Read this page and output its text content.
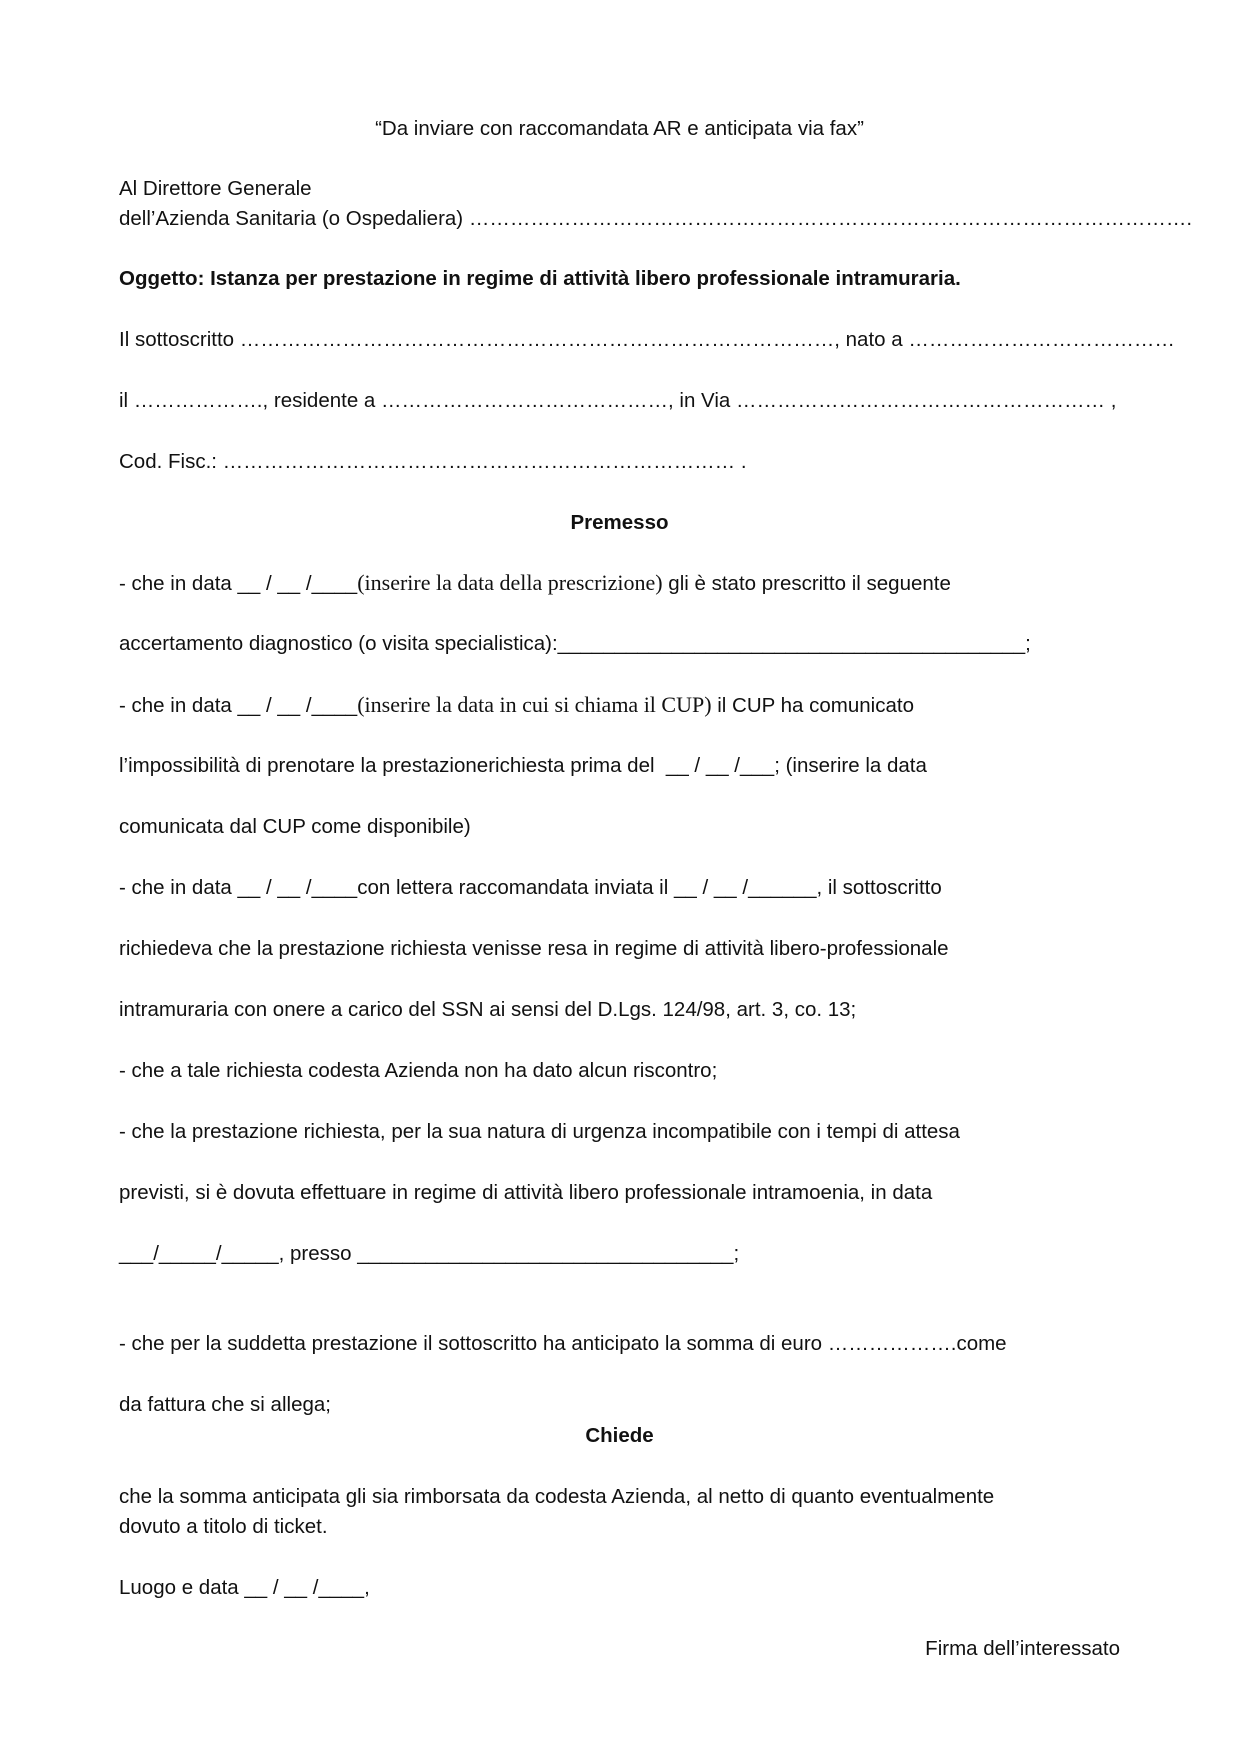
“Da inviare con raccomandata AR e anticipata via fax”
Al Direttore Generale
dell’Azienda Sanitaria (o Ospedaliera) …………………………………………………………………………………………….
Oggetto: Istanza per prestazione in regime di attività libero professionale intramuraria.
Il sottoscritto ……………………………………………………………………………, nato a …………………………………
il ………………., residente a ……………………………………, in Via ……………………………………………… ,
Cod. Fisc.: ………………………………………………………………… .
Premesso
- che in data __ / __ /____(inserire la data della prescrizione) gli è stato prescritto il seguente
accertamento diagnostico (o visita specialistica):_________________________________________;
- che in data __ / __ /____(inserire la data in cui si chiama il CUP) il CUP ha comunicato
l’impossibilità di prenotare la prestazionerichiesta prima del  __ / __ /___; (inserire la data
comunicata dal CUP come disponibile)
- che in data __ / __ /____con lettera raccomandata inviata il __ / __ /______, il sottoscritto
richiedeva che la prestazione richiesta venisse resa in regime di attività libero-professionale
intramuraria con onere a carico del SSN ai sensi del D.Lgs. 124/98, art. 3, co. 13;
- che a tale richiesta codesta Azienda non ha dato alcun riscontro;
- che la prestazione richiesta, per la sua natura di urgenza incompatibile con i tempi di attesa
previsti, si è dovuta effettuare in regime di attività libero professionale intramoenia, in data
___/_____/_____, presso _________________________________;
- che per la suddetta prestazione il sottoscritto ha anticipato la somma di euro ……………….come
da fattura che si allega;
Chiede
che la somma anticipata gli sia rimborsata da codesta Azienda, al netto di quanto eventualmente
dovuto a titolo di ticket.
Luogo e data __ / __ /____,
Firma dell’interessato
